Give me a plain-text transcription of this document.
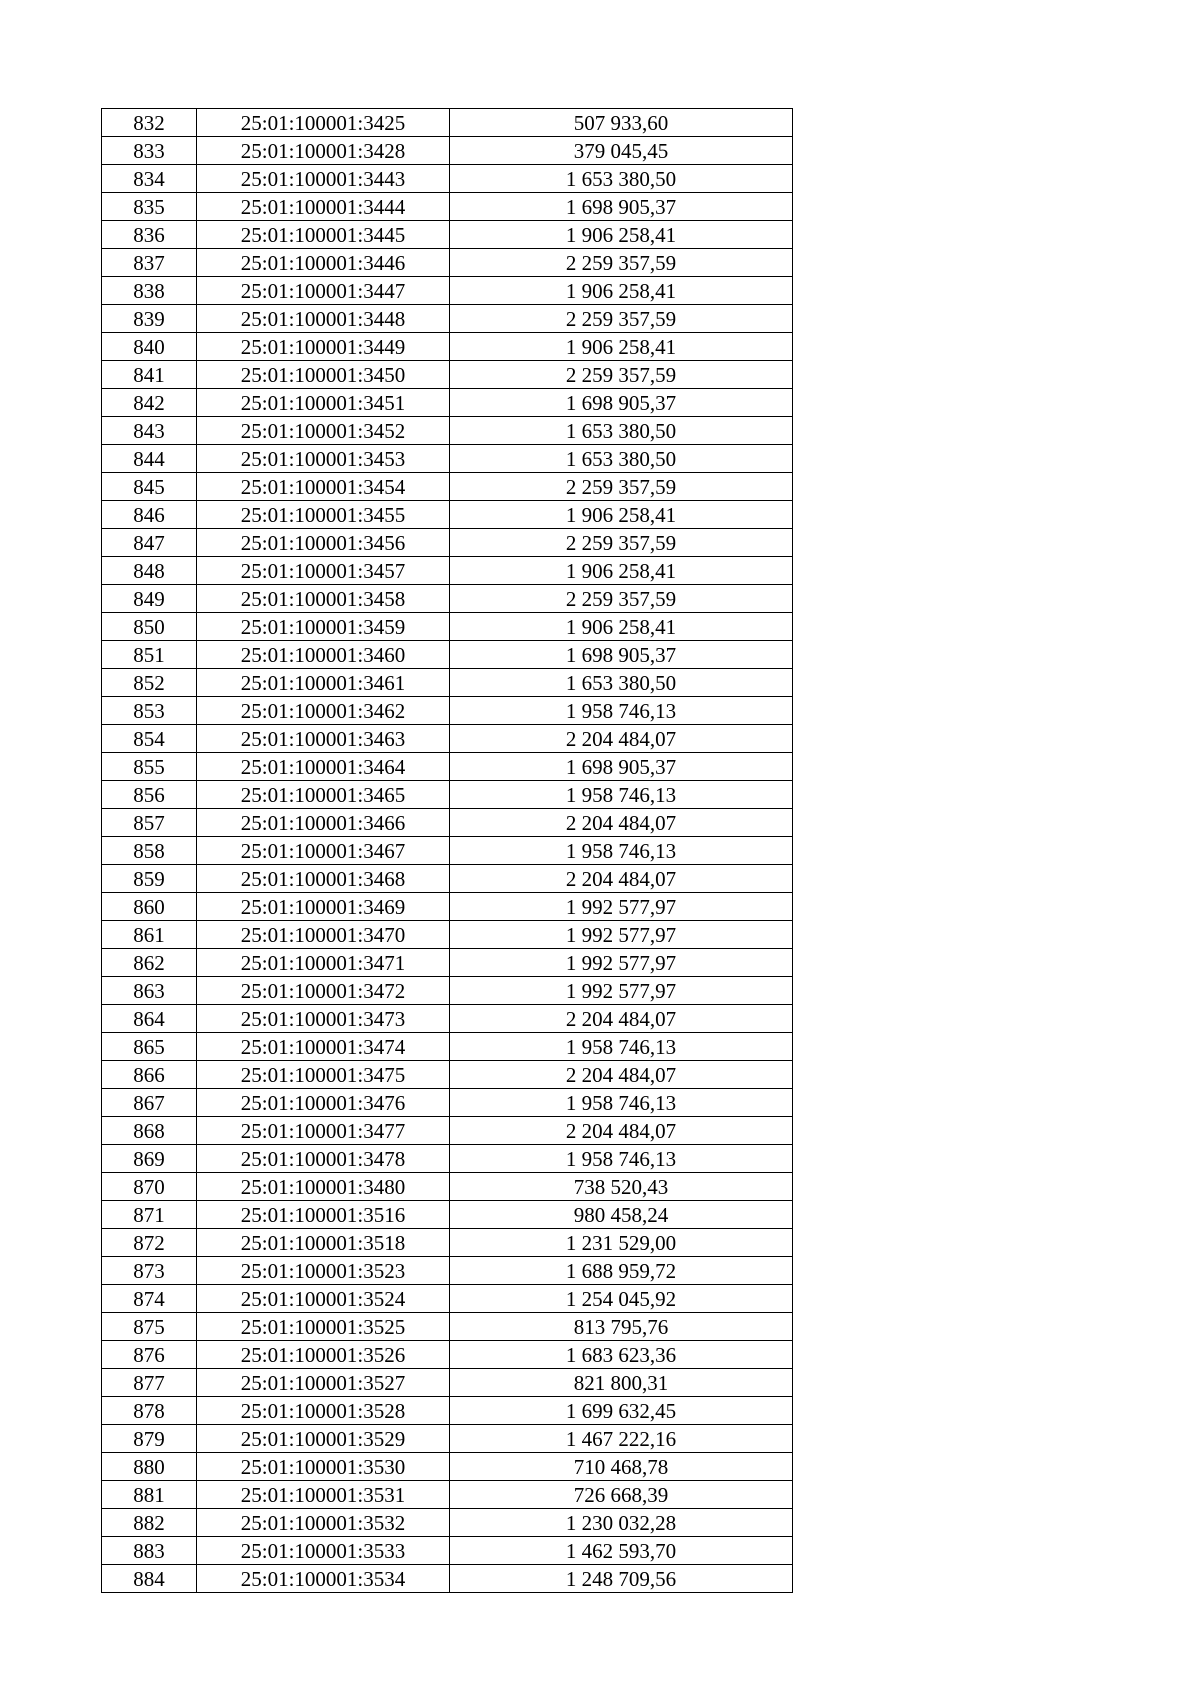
832	25:01:100001:3425	507 933,60
833	25:01:100001:3428	379 045,45
834	25:01:100001:3443	1 653 380,50
835	25:01:100001:3444	1 698 905,37
836	25:01:100001:3445	1 906 258,41
837	25:01:100001:3446	2 259 357,59
838	25:01:100001:3447	1 906 258,41
839	25:01:100001:3448	2 259 357,59
840	25:01:100001:3449	1 906 258,41
841	25:01:100001:3450	2 259 357,59
842	25:01:100001:3451	1 698 905,37
843	25:01:100001:3452	1 653 380,50
844	25:01:100001:3453	1 653 380,50
845	25:01:100001:3454	2 259 357,59
846	25:01:100001:3455	1 906 258,41
847	25:01:100001:3456	2 259 357,59
848	25:01:100001:3457	1 906 258,41
849	25:01:100001:3458	2 259 357,59
850	25:01:100001:3459	1 906 258,41
851	25:01:100001:3460	1 698 905,37
852	25:01:100001:3461	1 653 380,50
853	25:01:100001:3462	1 958 746,13
854	25:01:100001:3463	2 204 484,07
855	25:01:100001:3464	1 698 905,37
856	25:01:100001:3465	1 958 746,13
857	25:01:100001:3466	2 204 484,07
858	25:01:100001:3467	1 958 746,13
859	25:01:100001:3468	2 204 484,07
860	25:01:100001:3469	1 992 577,97
861	25:01:100001:3470	1 992 577,97
862	25:01:100001:3471	1 992 577,97
863	25:01:100001:3472	1 992 577,97
864	25:01:100001:3473	2 204 484,07
865	25:01:100001:3474	1 958 746,13
866	25:01:100001:3475	2 204 484,07
867	25:01:100001:3476	1 958 746,13
868	25:01:100001:3477	2 204 484,07
869	25:01:100001:3478	1 958 746,13
870	25:01:100001:3480	738 520,43
871	25:01:100001:3516	980 458,24
872	25:01:100001:3518	1 231 529,00
873	25:01:100001:3523	1 688 959,72
874	25:01:100001:3524	1 254 045,92
875	25:01:100001:3525	813 795,76
876	25:01:100001:3526	1 683 623,36
877	25:01:100001:3527	821 800,31
878	25:01:100001:3528	1 699 632,45
879	25:01:100001:3529	1 467 222,16
880	25:01:100001:3530	710 468,78
881	25:01:100001:3531	726 668,39
882	25:01:100001:3532	1 230 032,28
883	25:01:100001:3533	1 462 593,70
884	25:01:100001:3534	1 248 709,56
